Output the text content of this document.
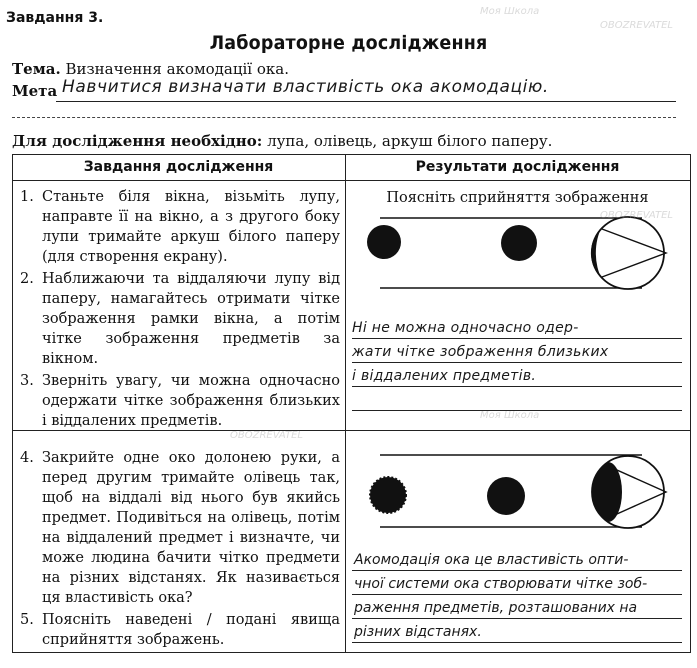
Завдання 3.
Лабораторне дослідження
Тема. Визначення акомодації ока.
Мета Навчитися визначати властивість ока акомодацію.
Для дослідження необхідно: лупа, олівець, аркуш білого паперу.
Завдання дослідження	Результати дослідження
1. Станьте біля вікна, візьміть лупу, направте її на вікно, а з другого боку лупи тримайте аркуш білого паперу (для створення екрану).
2. Наближаючи та віддаляючи лупу від паперу, намагайтесь отримати чітке зображення рамки вікна, а потім чітке зображення предметів за вікном.
3. Зверніть увагу, чи можна одночасно одержати чітке зображення близьких і віддалених предметів.
Поясніть сприйняття зображення
Ні не можна одночасно одер-
жати чітке зображення близьких
і віддалених предметів.
4. Закрийте одне око долонею руки, а перед другим тримайте олівець так, щоб на віддалі від нього був якийсь предмет. Подивіться на олівець, потім на віддалений предмет і визначте, чи може людина бачити чітко предмети на різних відстанях. Як називається ця властивість ока?
5. Поясніть наведені / подані явища сприйняття зображень.
Акомодація ока це властивість опти-
чної системи ока створювати чітке зоб-
раження предметів, розташованих на
різних відстанях.
Моя Школа
OBOZREVATEL
OBOZREVATEL
Моя Школа
OBOZREVATEL
